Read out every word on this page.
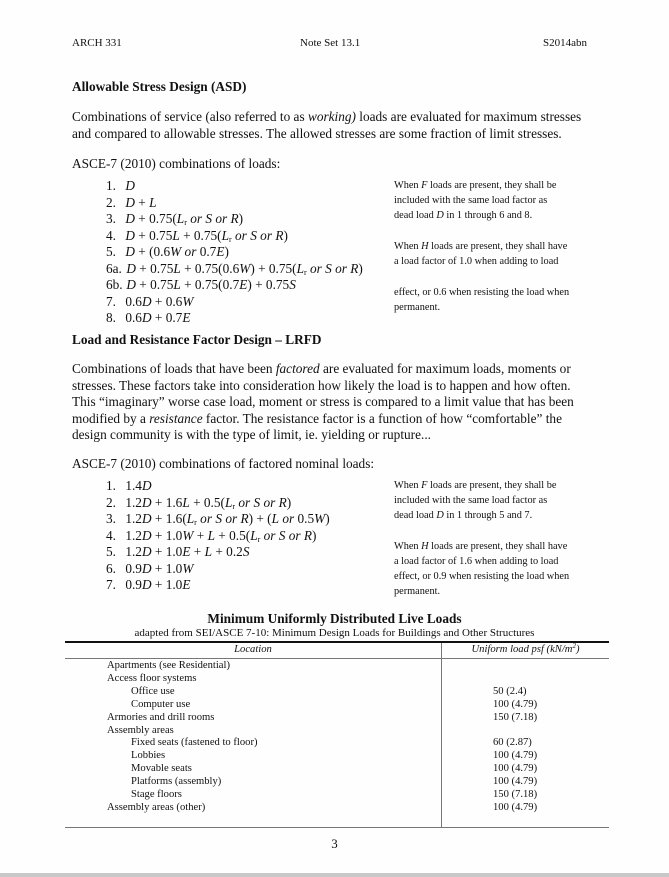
ARCH 331	Note Set 13.1	S2014abn
Allowable Stress Design (ASD)
Combinations of service (also referred to as working) loads are evaluated for maximum stresses
and compared to allowable stresses. The allowed stresses are some fraction of limit stresses.
ASCE-7 (2010) combinations of loads:
1. D
2. D + L
3. $D + 0.75(L_r$ or S or R)
4. $D + 0.75L + 0.75(L_r$ or S or R)
5. D + (0.6W or 0.7E)
6a. $D + 0.75L + 0.75(0.6W) + 0.75(L_r$ or S or R)
6b. D + 0.75L + 0.75(0.7E) + 0.75S
7. 0.6D + 0.6W
8. 0.6D + 0.7E
When F loads are present, they shall be
included with the same load factor as
dead load D in 1 through 6 and 8.
When H loads are present, they shall have
a load factor of 1.0 when adding to load
effect, or 0.6 when resisting the load when
permanent.
Load and Resistance Factor Design – LRFD
Combinations of loads that have been factored are evaluated for maximum loads, moments or
stresses. These factors take into consideration how likely the load is to happen and how often.
This “imaginary” worse case load, moment or stress is compared to a limit value that has been
modified by a resistance factor. The resistance factor is a function of how “comfortable” the
design community is with the type of limit, ie. yielding or rupture...
ASCE-7 (2010) combinations of factored nominal loads:
1. 1.4D
2. $1.2D + 1.6L + 0.5(L_r$ or S or R)
3. $1.2D + 1.6(L_r$ or S or R) + (L or 0.5W)
4. $1.2D + 1.0W + L + 0.5(L_r$ or S or R)
5. 1.2D + 1.0E + L + 0.2S
6. 0.9D + 1.0W
7. 0.9D + 1.0E
When F loads are present, they shall be
included with the same load factor as
dead load D in 1 through 5 and 7.
When H loads are present, they shall have
a load factor of 1.6 when adding to load
effect, or 0.9 when resisting the load when
permanent.
Minimum Uniformly Distributed Live Loads
adapted from SEI/ASCE 7-10: Minimum Design Loads for Buildings and Other Structures
Location	Uniform load psf $(kN/m^2)$
Apartments (see Residential)
Access floor systems
Office use	50 (2.4)
Computer use	100 (4.79)
Armories and drill rooms	150 (7.18)
Assembly areas
Fixed seats (fastened to floor)	60 (2.87)
Lobbies	100 (4.79)
Movable seats	100 (4.79)
Platforms (assembly)	100 (4.79)
Stage floors	150 (7.18)
Assembly areas (other)	100 (4.79)
3
